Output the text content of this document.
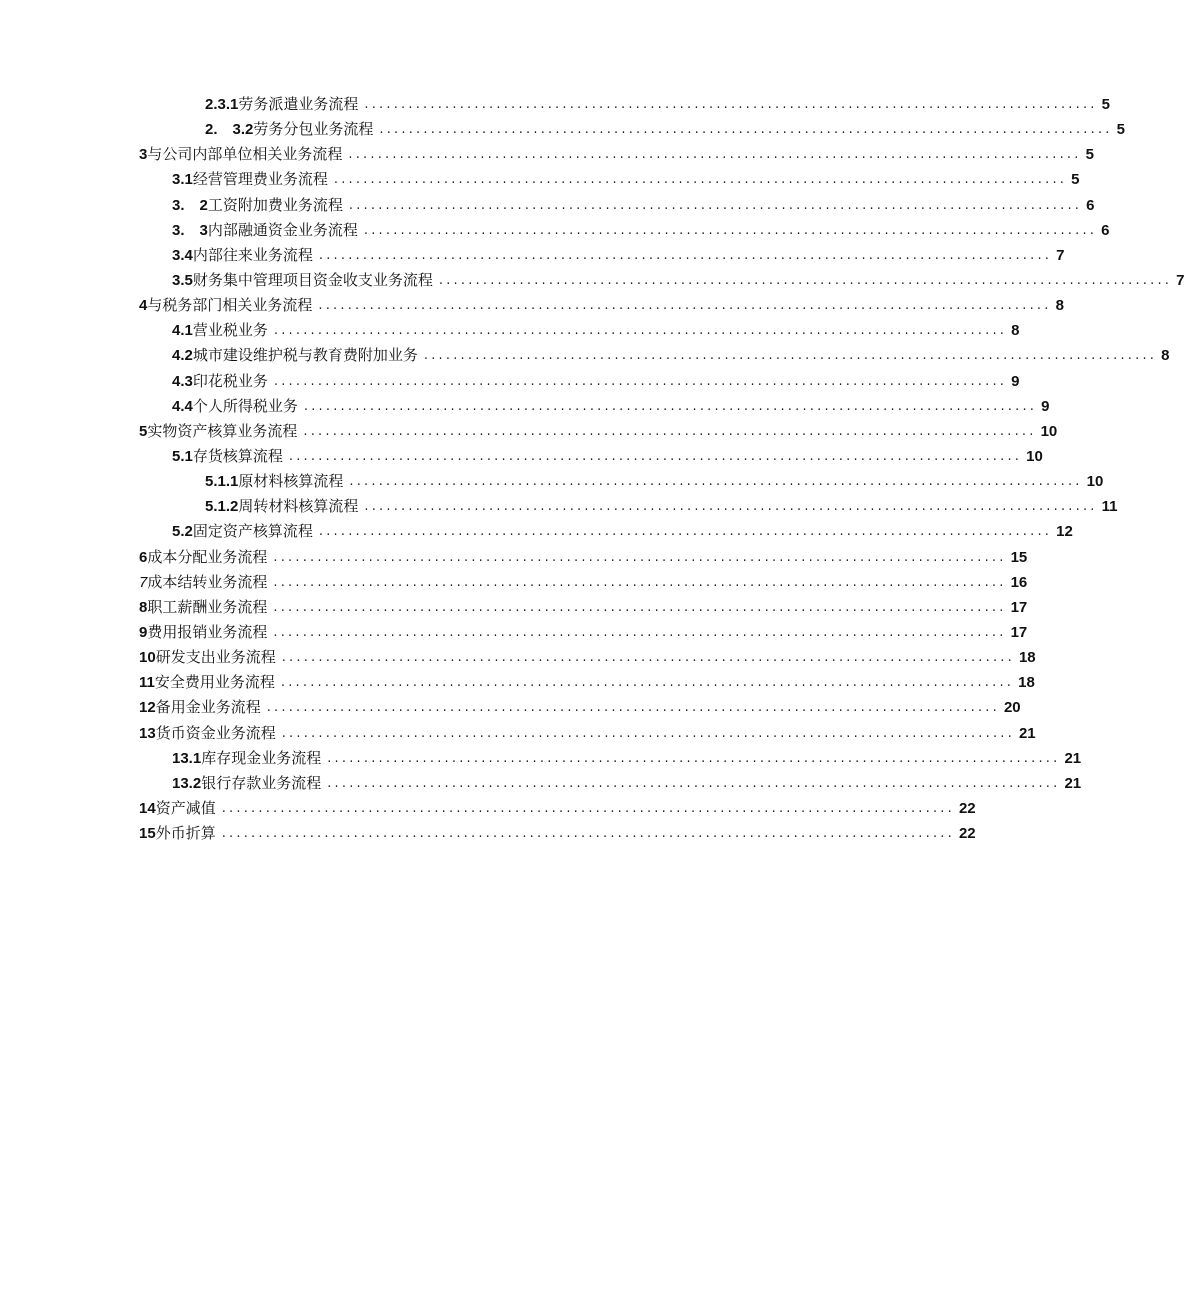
2.3.1 劳务派遣业务流程 .................................................................................................... 5
2.　3.2 劳务分包业务流程 .................................................................................................... 5
3 与公司内部单位相关业务流程 .................................................................................................... 5
3.1 经营管理费业务流程 .................................................................................................... 5
3.　2 工资附加费业务流程 .................................................................................................... 6
3.　3 内部融通资金业务流程 .................................................................................................... 6
3.4 内部往来业务流程 .................................................................................................... 7
3.5 财务集中管理项目资金收支业务流程 .................................................................................................... 7
4 与税务部门相关业务流程 .................................................................................................... 8
4.1 营业税业务 .................................................................................................... 8
4.2 城市建设维护税与教育费附加业务 .................................................................................................... 8
4.3 印花税业务 .................................................................................................... 9
4.4 个人所得税业务 .................................................................................................... 9
5 实物资产核算业务流程 .................................................................................................... 10
5.1 存货核算流程 .................................................................................................... 10
5.1.1 原材料核算流程 .................................................................................................... 10
5.1.2 周转材料核算流程 .................................................................................................... 11
5.2 固定资产核算流程 .................................................................................................... 12
6 成本分配业务流程 .................................................................................................... 15
7 成本结转业务流程 .................................................................................................... 16
8 职工薪酬业务流程 .................................................................................................... 17
9 费用报销业务流程 .................................................................................................... 17
10 研发支出业务流程 .................................................................................................... 18
11 安全费用业务流程 .................................................................................................... 18
12 备用金业务流程 .................................................................................................... 20
13 货币资金业务流程 .................................................................................................... 21
13.1 库存现金业务流程 .................................................................................................... 21
13.2 银行存款业务流程 .................................................................................................... 21
14 资产减值 .................................................................................................... 22
15 外币折算 .................................................................................................... 22
